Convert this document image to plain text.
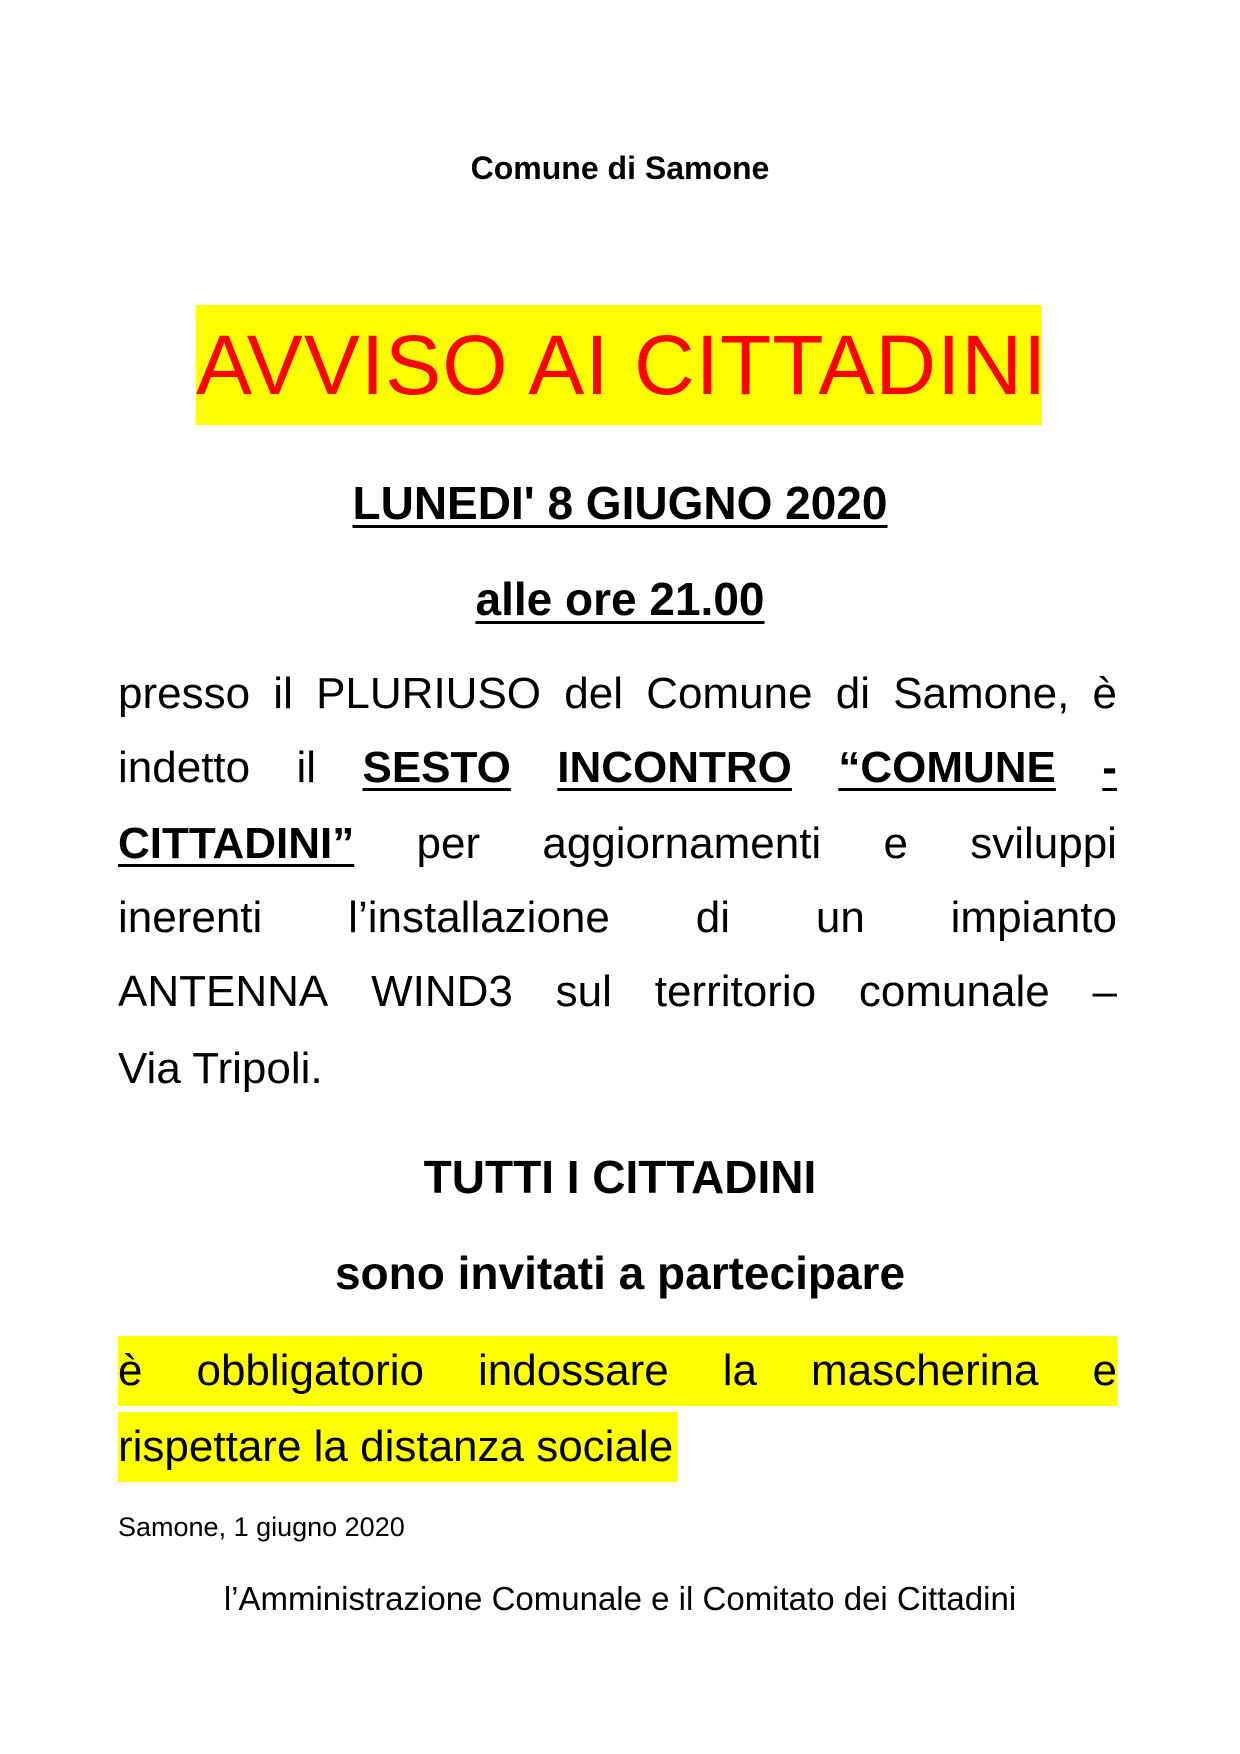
Comune di Samone
AVVISO AI CITTADINI
LUNEDI' 8 GIUGNO 2020
alle ore 21.00
presso il PLURIUSO del Comune di Samone, è
indetto il SESTO INCONTRO “COMUNE -
CITTADINI” per aggiornamenti e sviluppi
inerenti l’installazione di un impianto
ANTENNA WIND3 sul territorio comunale –
Via Tripoli.
TUTTI I CITTADINI
sono invitati a partecipare
è obbligatorio indossare la mascherina e
rispettare la distanza sociale
Samone, 1 giugno 2020
l’Amministrazione Comunale e il Comitato dei Cittadini
